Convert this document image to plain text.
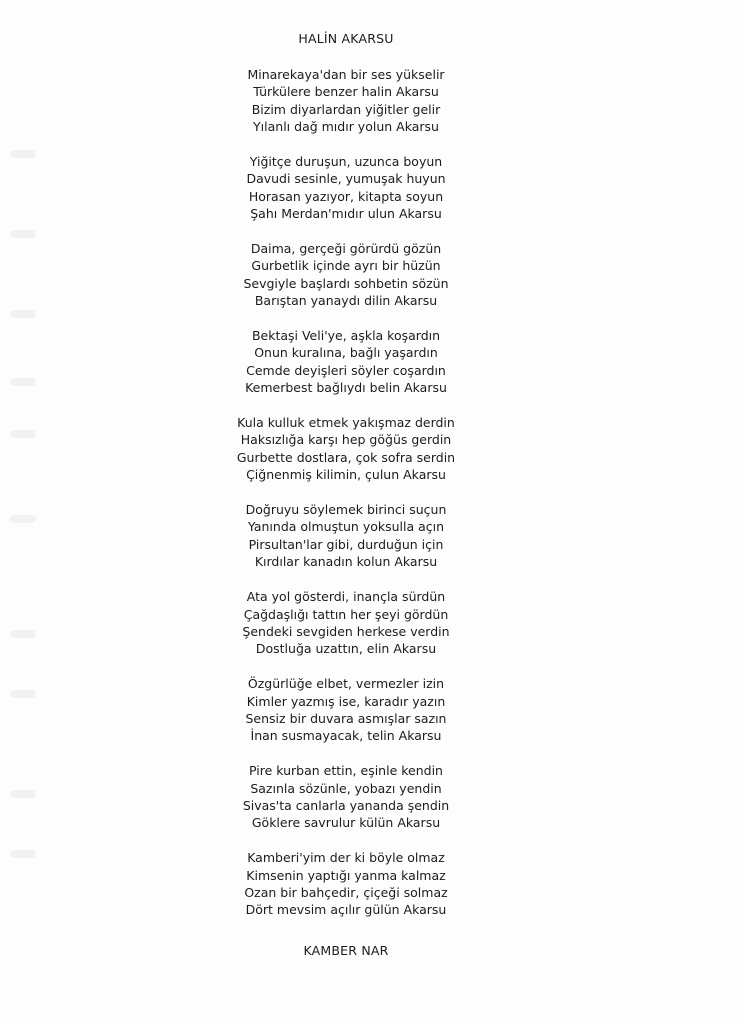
HALİN AKARSU
Minarekaya'dan bir ses yükselir
Türkülere benzer halin Akarsu
Bizim diyarlardan yiğitler gelir
Yılanlı dağ mıdır yolun Akarsu
Yiğitçe duruşun, uzunca boyun
Davudi sesinle, yumuşak huyun
Horasan yazıyor, kitapta soyun
Şahı Merdan'mıdır ulun Akarsu
Daima, gerçeği görürdü gözün
Gurbetlik içinde ayrı bir hüzün
Sevgiyle başlardı sohbetin sözün
Barıştan yanaydı dilin Akarsu
Bektaşi Veli'ye, aşkla koşardın
Onun kuralına, bağlı yaşardın
Cemde deyişleri söyler coşardın
Kemerbest bağlıydı belin Akarsu
Kula kulluk etmek yakışmaz derdin
Haksızlığa karşı hep göğüs gerdin
Gurbette dostlara, çok sofra serdin
Çiğnenmiş kilimin, çulun Akarsu
Doğruyu söylemek birinci suçun
Yanında olmuştun yoksulla açın
Pirsultan'lar gibi, durduğun için
Kırdılar kanadın kolun Akarsu
Ata yol gösterdi, inançla sürdün
Çağdaşlığı tattın her şeyi gördün
Şendeki sevgiden herkese verdin
Dostluğa uzattın, elin Akarsu
Özgürlüğe elbet, vermezler izin
Kimler yazmış ise, karadır yazın
Sensiz bir duvara asmışlar sazın
İnan susmayacak, telin Akarsu
Pire kurban ettin, eşinle kendin
Sazınla sözünle, yobazı yendin
Sivas'ta canlarla yananda şendin
Göklere savrulur külün Akarsu
Kamberi'yim der ki böyle olmaz
Kimsenin yaptığı yanma kalmaz
Ozan bir bahçedir, çiçeği solmaz
Dört mevsim açılır gülün Akarsu
KAMBER NAR
